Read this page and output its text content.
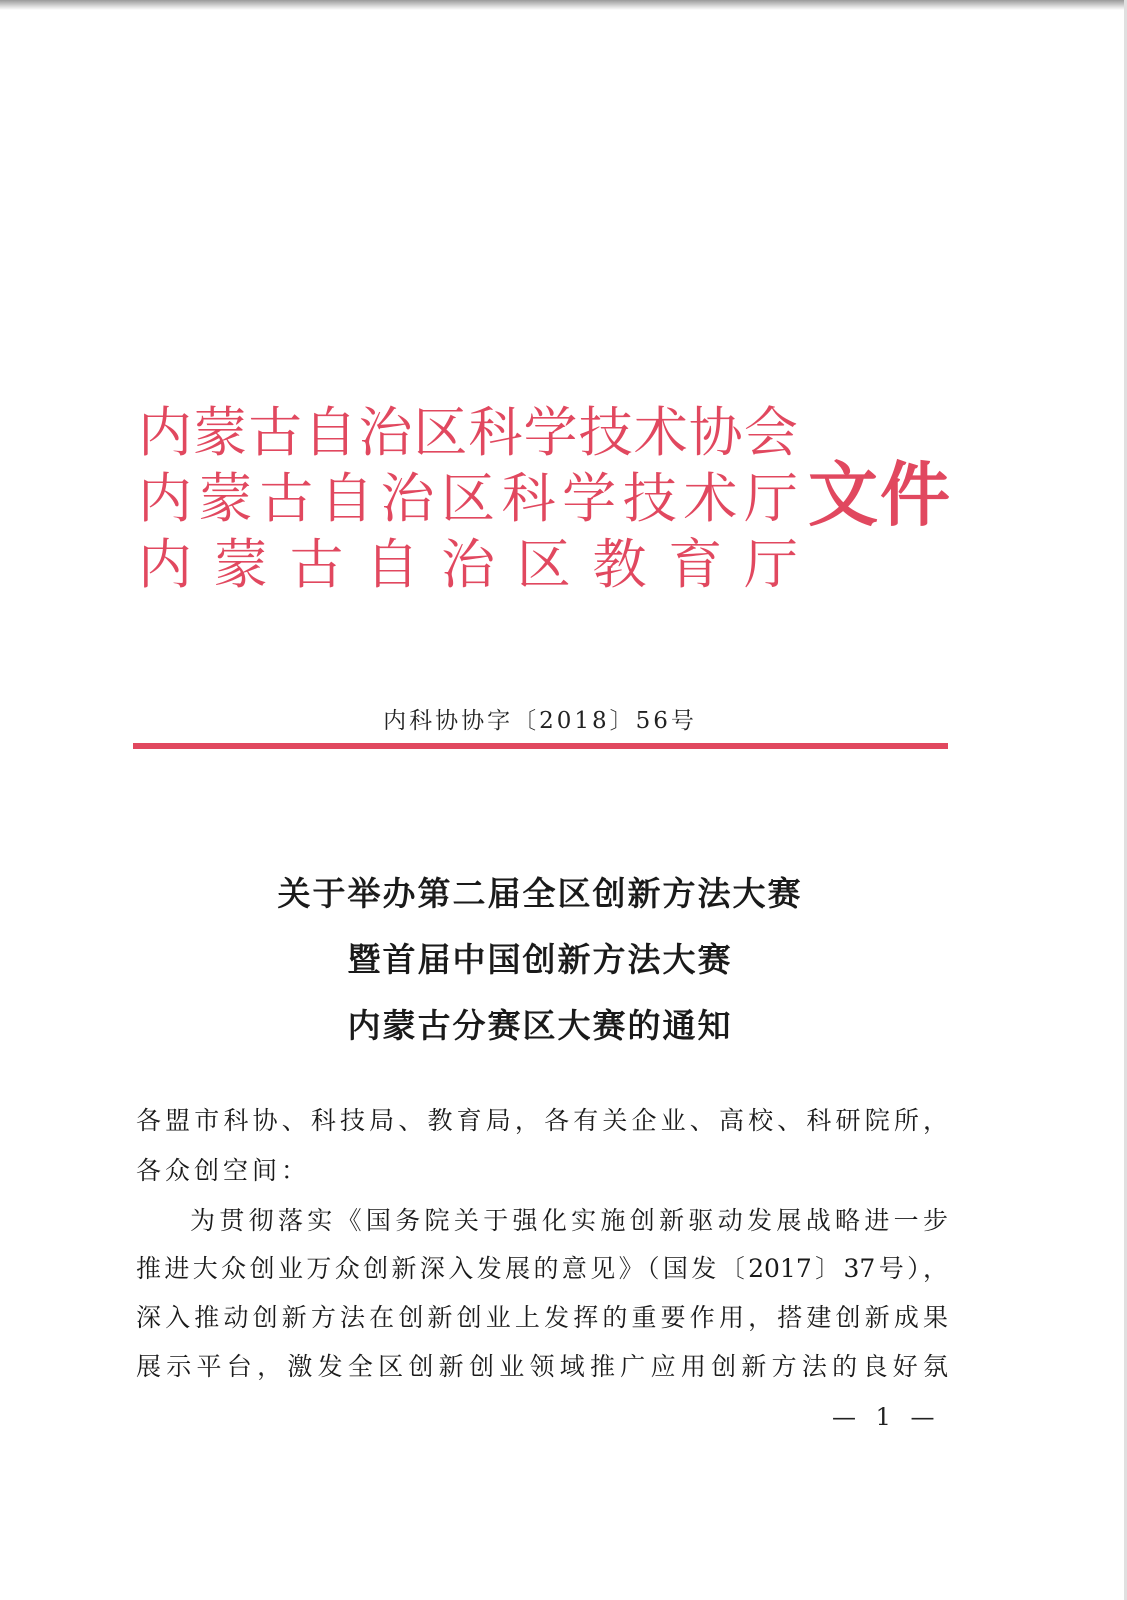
内 蒙 古 自 治 区 科 学 技 术 协 会
内 蒙 古 自 治 区 科 学 技 术 厅
内 蒙 古 自 治 区 教 育 厅
文件
内科协协字〔2018〕56号
关于举办第二届全区创新方法大赛
暨首届中国创新方法大赛
内蒙古分赛区大赛的通知
各盟市科协、科技局、教育局，各有关企业、高校、科研院所，
各众创空间：
为贯彻落实《国务院关于强化实施创新驱动发展战略进一步
推进大众创业万众创新深入发展的意见》（国发〔2017〕37号），
深入推动创新方法在创新创业上发挥的重要作用，搭建创新成果
展示平台，激发全区创新创业领域推广应用创新方法的良好氛
— 1 —
